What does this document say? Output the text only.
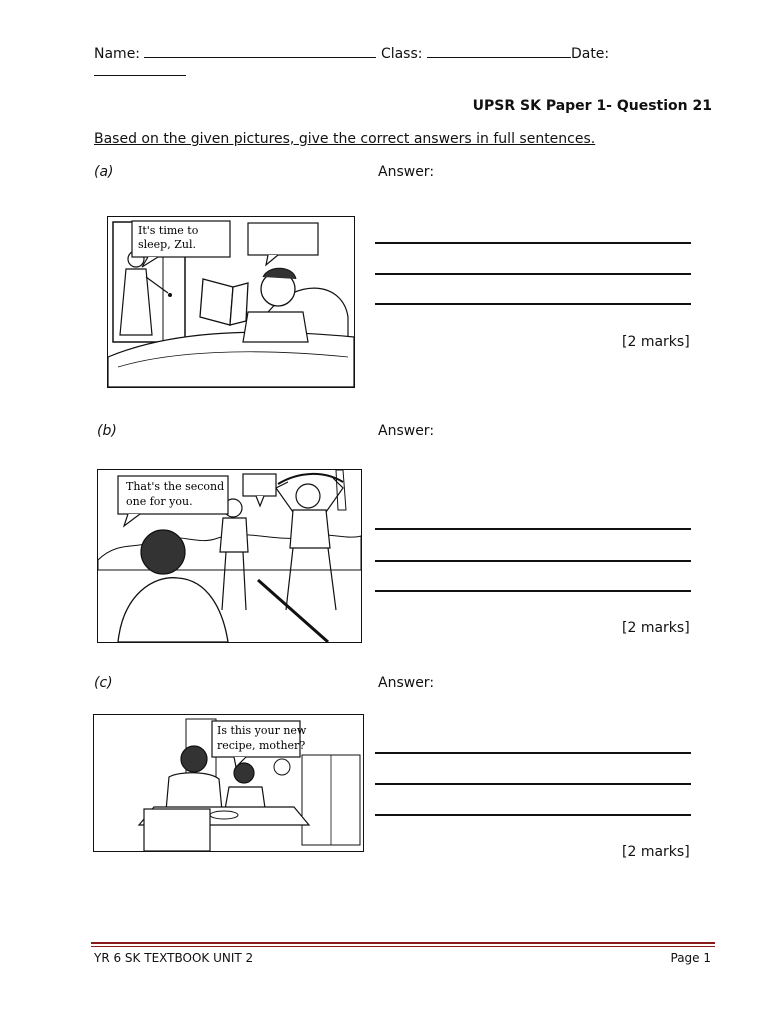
Name:	Class:	Date:
UPSR SK Paper 1- Question 21
Based on the given pictures, give the correct answers in full sentences.
(a)	Answer:
It's time to
sleep, Zul.
[2 marks]
(b)	Answer:
That's the second
one for you.
[2 marks]
(c)	Answer:
Is this your new
recipe, mother?
[2 marks]
YR 6 SK TEXTBOOK UNIT 2	Page 1
